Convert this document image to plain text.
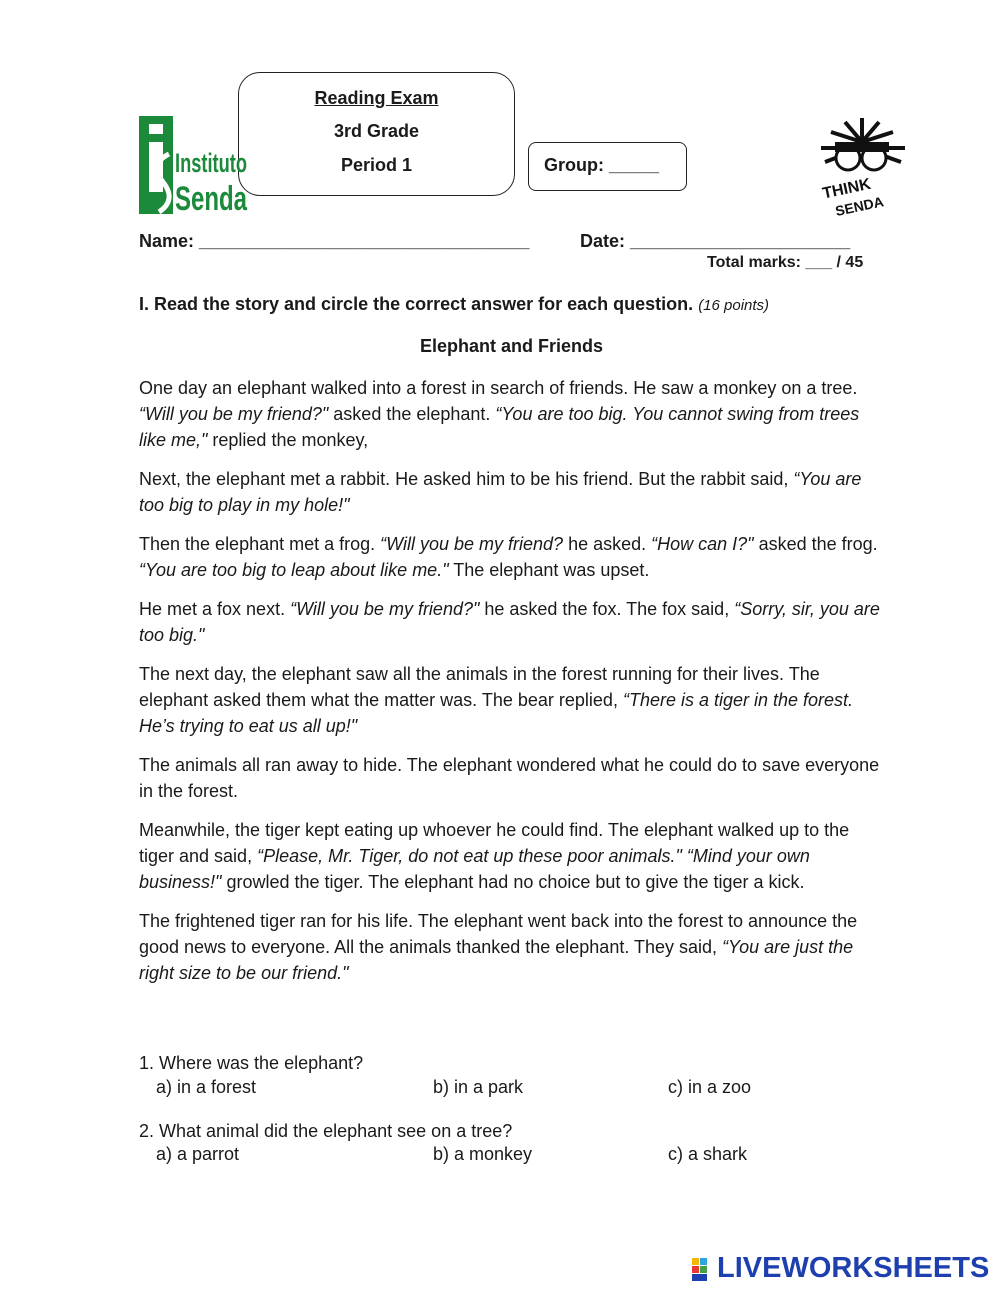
Reading Exam
3rd Grade
Period 1
Instituto
Senda
Group: _____
THINK
SENDA
Name: _________________________________	Date: ______________________
Total marks: ___ / 45
I. Read the story and circle the correct answer for each question. (16 points)
Elephant and Friends

One day an elephant walked into a forest in search of friends. He saw a monkey on a tree. “Will you be my friend?" asked the elephant. “You are too big. You cannot swing from trees like me," replied the monkey,

Next, the elephant met a rabbit. He asked him to be his friend. But the rabbit said, “You are too big to play in my hole!"

Then the elephant met a frog. “Will you be my friend? he asked. “How can I?" asked the frog. “You are too big to leap about like me." The elephant was upset.

He met a fox next. “Will you be my friend?" he asked the fox. The fox said, “Sorry, sir, you are too big."

The next day, the elephant saw all the animals in the forest running for their lives. The elephant asked them what the matter was. The bear replied, “There is a tiger in the forest. He’s trying to eat us all up!"

The animals all ran away to hide. The elephant wondered what he could do to save everyone in the forest.

Meanwhile, the tiger kept eating up whoever he could find. The elephant walked up to the tiger and said, “Please, Mr. Tiger, do not eat up these poor animals." “Mind your own business!" growled the tiger. The elephant had no choice but to give the tiger a kick.

The frightened tiger ran for his life. The elephant went back into the forest to announce the good news to everyone. All the animals thanked the elephant. They said, “You are just the right size to be our friend."

1. Where was the elephant?
a) in a forest	b) in a park	c) in a zoo
2. What animal did the elephant see on a tree?
a) a parrot	b) a monkey	c) a shark
LIVEWORKSHEETS
